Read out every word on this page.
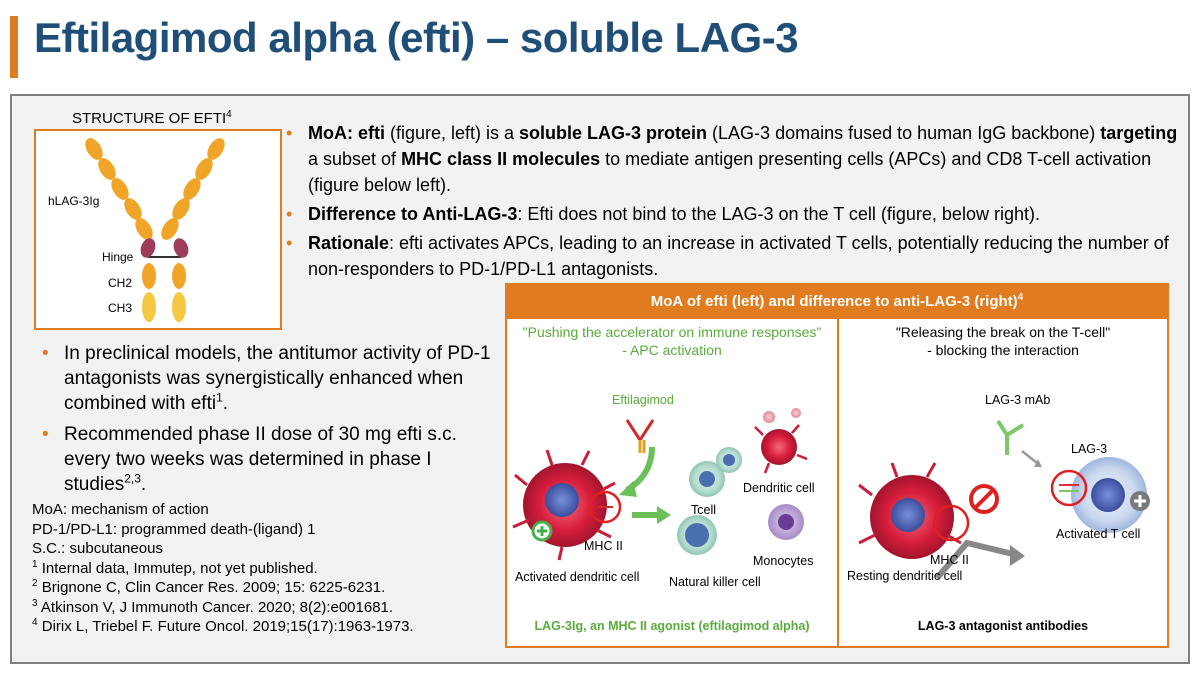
Eftilagimod alpha (efti) – soluble LAG-3
STRUCTURE OF EFTI$^4$
hLAG-3Ig
Hinge
CH2
CH3
• MoA: efti (figure, left) is a soluble LAG-3 protein (LAG-3 domains fused to human IgG backbone) targeting a subset of MHC class II molecules to mediate antigen presenting cells (APCs) and CD8 T-cell activation (figure below left).
• Difference to Anti-LAG-3: Efti does not bind to the LAG-3 on the T cell (figure, below right).
• Rationale: efti activates APCs, leading to an increase in activated T cells, potentially reducing the number of non-responders to PD-1/PD-L1 antagonists.
• In preclinical models, the antitumor activity of PD-1 antagonists was synergistically enhanced when combined with efti$^1$.
• Recommended phase II dose of 30 mg efti s.c. every two weeks was determined in phase I studies$^{2,3}$.
MoA: mechanism of action
PD-1/PD-L1: programmed death-(ligand) 1
S.C.: subcutaneous
$^1$ Internal data, Immutep, not yet published.
$^2$ Brignone C, Clin Cancer Res. 2009; 15: 6225-6231.
$^3$ Atkinson V, J Immunoth Cancer. 2020; 8(2):e001681.
$^4$ Dirix L, Triebel F. Future Oncol. 2019;15(17):1963-1973.
MoA of efti (left) and difference to anti-LAG-3 (right)$^4$
"Pushing the accelerator on immune responses"
- APC activation
"Releasing the break on the T-cell"
- blocking the interaction
Eftilagimod
Dendritic cell
Tcell
MHC II
Monocytes
Activated dendritic cell Natural killer cell
LAG-3Ig, an MHC II agonist (eftilagimod alpha)
LAG-3 mAb
LAG-3
Activated T cell
MHC II
Resting dendritic cell
LAG-3 antagonist antibodies
